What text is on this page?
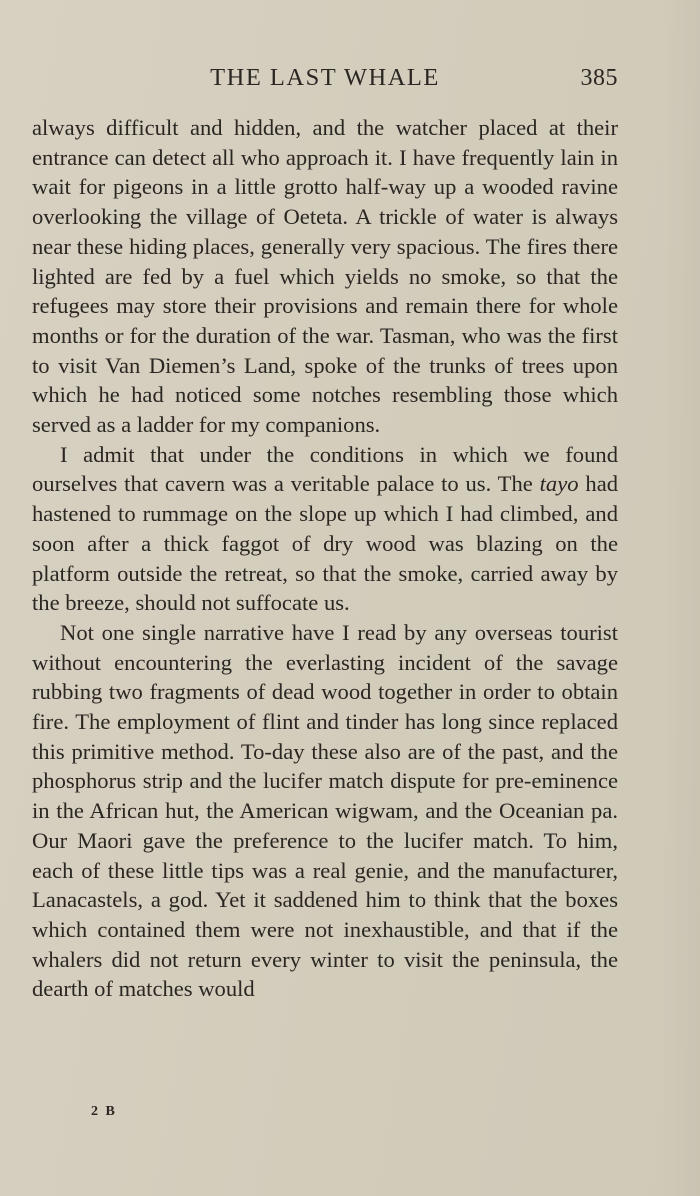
THE LAST WHALE	385

always difficult and hidden, and the watcher placed at their entrance can detect all who approach it. I have frequently lain in wait for pigeons in a little grotto half-way up a wooded ravine overlooking the village of Oeteta. A trickle of water is always near these hiding places, generally very spacious. The fires there lighted are fed by a fuel which yields no smoke, so that the refugees may store their provisions and remain there for whole months or for the duration of the war. Tasman, who was the first to visit Van Diemen’s Land, spoke of the trunks of trees upon which he had noticed some notches resembling those which served as a ladder for my companions.

I admit that under the conditions in which we found ourselves that cavern was a veritable palace to us. The tayo had hastened to rummage on the slope up which I had climbed, and soon after a thick faggot of dry wood was blazing on the platform outside the retreat, so that the smoke, carried away by the breeze, should not suffocate us.

Not one single narrative have I read by any overseas tourist without encountering the everlasting incident of the savage rubbing two fragments of dead wood together in order to obtain fire. The employment of flint and tinder has long since replaced this primitive method. To-day these also are of the past, and the phosphorus strip and the lucifer match dispute for pre-eminence in the African hut, the American wigwam, and the Oceanian pa. Our Maori gave the preference to the lucifer match. To him, each of these little tips was a real genie, and the manufacturer, Lanacastels, a god. Yet it saddened him to think that the boxes which contained them were not inexhaustible, and that if the whalers did not return every winter to visit the peninsula, the dearth of matches would

2 B
